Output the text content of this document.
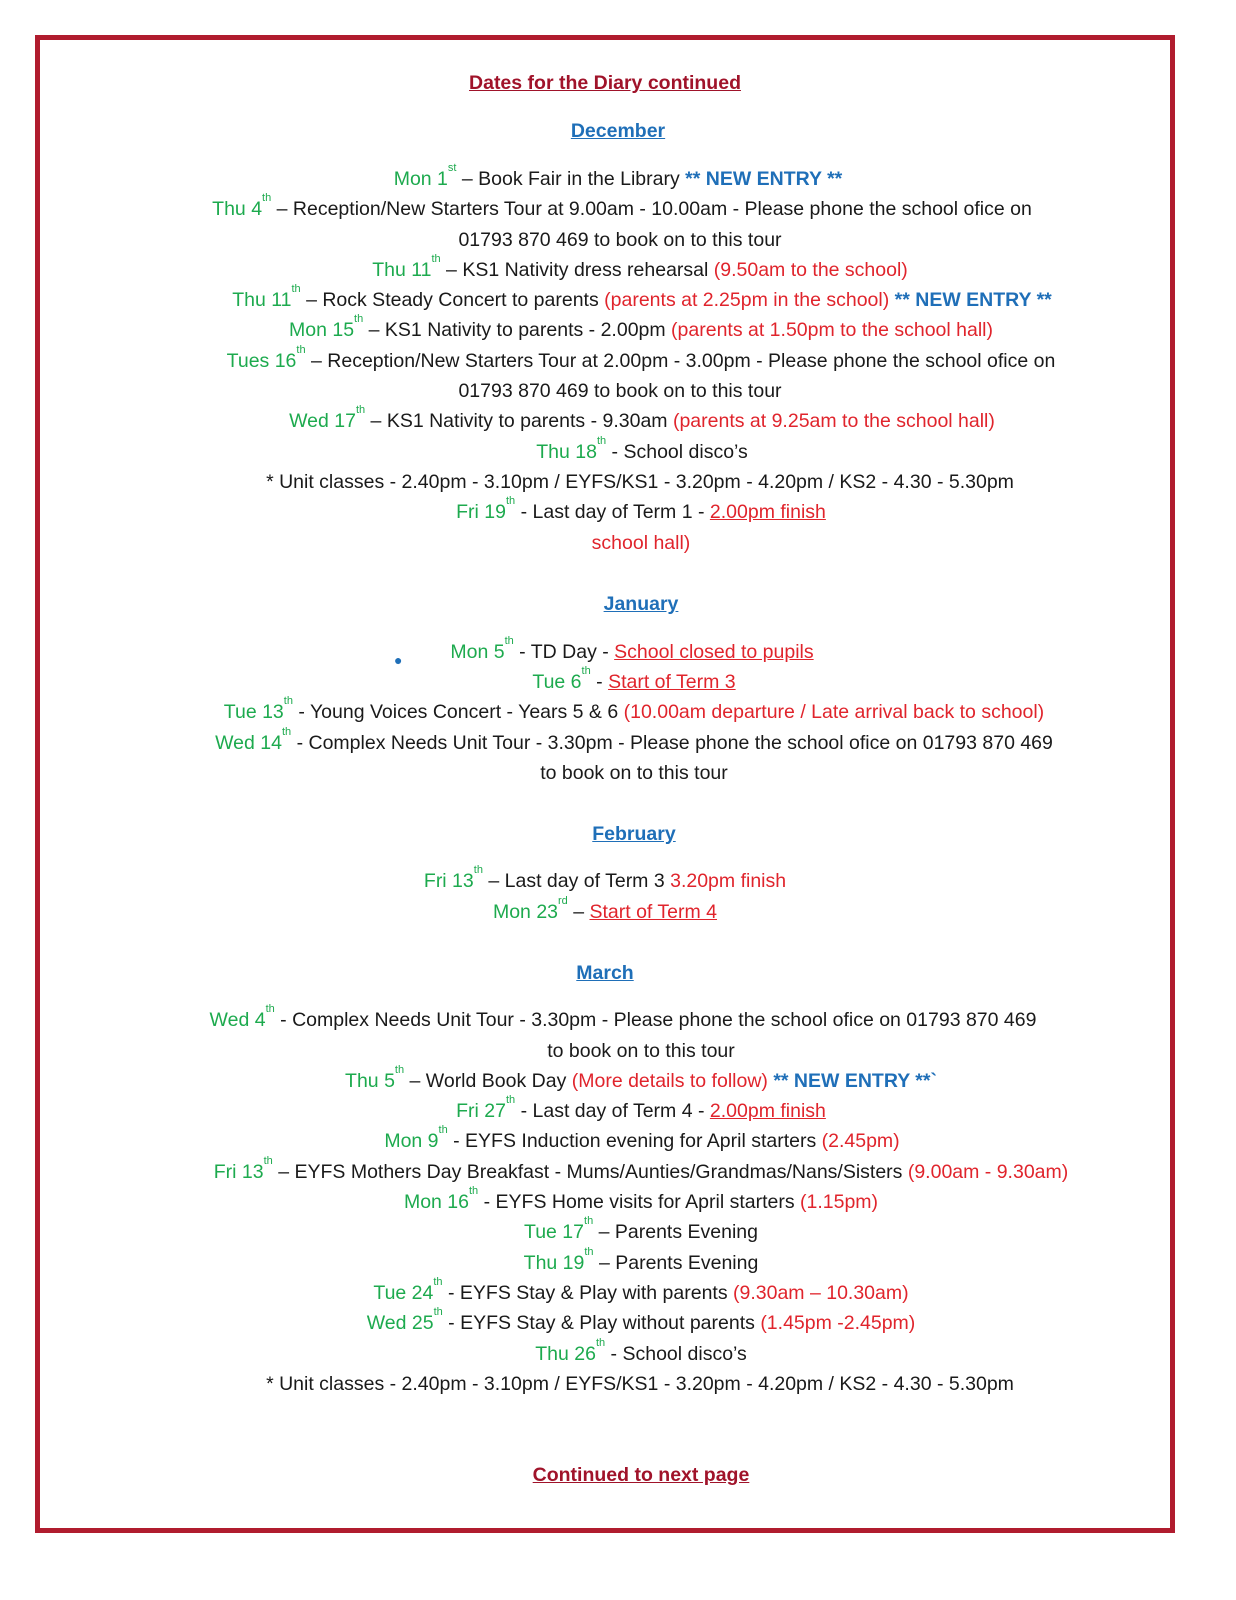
Dates for the Diary continued
December
Mon 1st – Book Fair in the Library ** NEW ENTRY **
Thu 4th – Reception/New Starters Tour at 9.00am - 10.00am - Please phone the school ofice on
01793 870 469 to book on to this tour
Thu 11th – KS1 Nativity dress rehearsal (9.50am to the school)
Thu 11th – Rock Steady Concert to parents (parents at 2.25pm in the school) ** NEW ENTRY **
Mon 15th – KS1 Nativity to parents - 2.00pm (parents at 1.50pm to the school hall)
Tues 16th – Reception/New Starters Tour at 2.00pm - 3.00pm - Please phone the school ofice on
01793 870 469 to book on to this tour
Wed 17th – KS1 Nativity to parents - 9.30am (parents at 9.25am to the school hall)
Thu 18th - School disco’s
* Unit classes - 2.40pm - 3.10pm / EYFS/KS1 - 3.20pm - 4.20pm / KS2 - 4.30 - 5.30pm
Fri 19th - Last day of Term 1 - 2.00pm finish
school hall)
January
●	Mon 5th - TD Day - School closed to pupils
Tue 6th - Start of Term 3
Tue 13th - Young Voices Concert - Years 5 & 6 (10.00am departure / Late arrival back to school)
Wed 14th - Complex Needs Unit Tour - 3.30pm - Please phone the school ofice on 01793 870 469
to book on to this tour
February
Fri 13th – Last day of Term 3 3.20pm finish
Mon 23rd – Start of Term 4
March
Wed 4th - Complex Needs Unit Tour - 3.30pm - Please phone the school ofice on 01793 870 469
to book on to this tour
Thu 5th – World Book Day (More details to follow) ** NEW ENTRY **`
Fri 27th - Last day of Term 4 - 2.00pm finish
Mon 9th - EYFS Induction evening for April starters (2.45pm)
Fri 13th – EYFS Mothers Day Breakfast - Mums/Aunties/Grandmas/Nans/Sisters (9.00am - 9.30am)
Mon 16th - EYFS Home visits for April starters (1.15pm)
Tue 17th – Parents Evening
Thu 19th – Parents Evening
Tue 24th - EYFS Stay & Play with parents (9.30am – 10.30am)
Wed 25th - EYFS Stay & Play without parents (1.45pm -2.45pm)
Thu 26th - School disco’s
* Unit classes - 2.40pm - 3.10pm / EYFS/KS1 - 3.20pm - 4.20pm / KS2 - 4.30 - 5.30pm
Continued to next page
